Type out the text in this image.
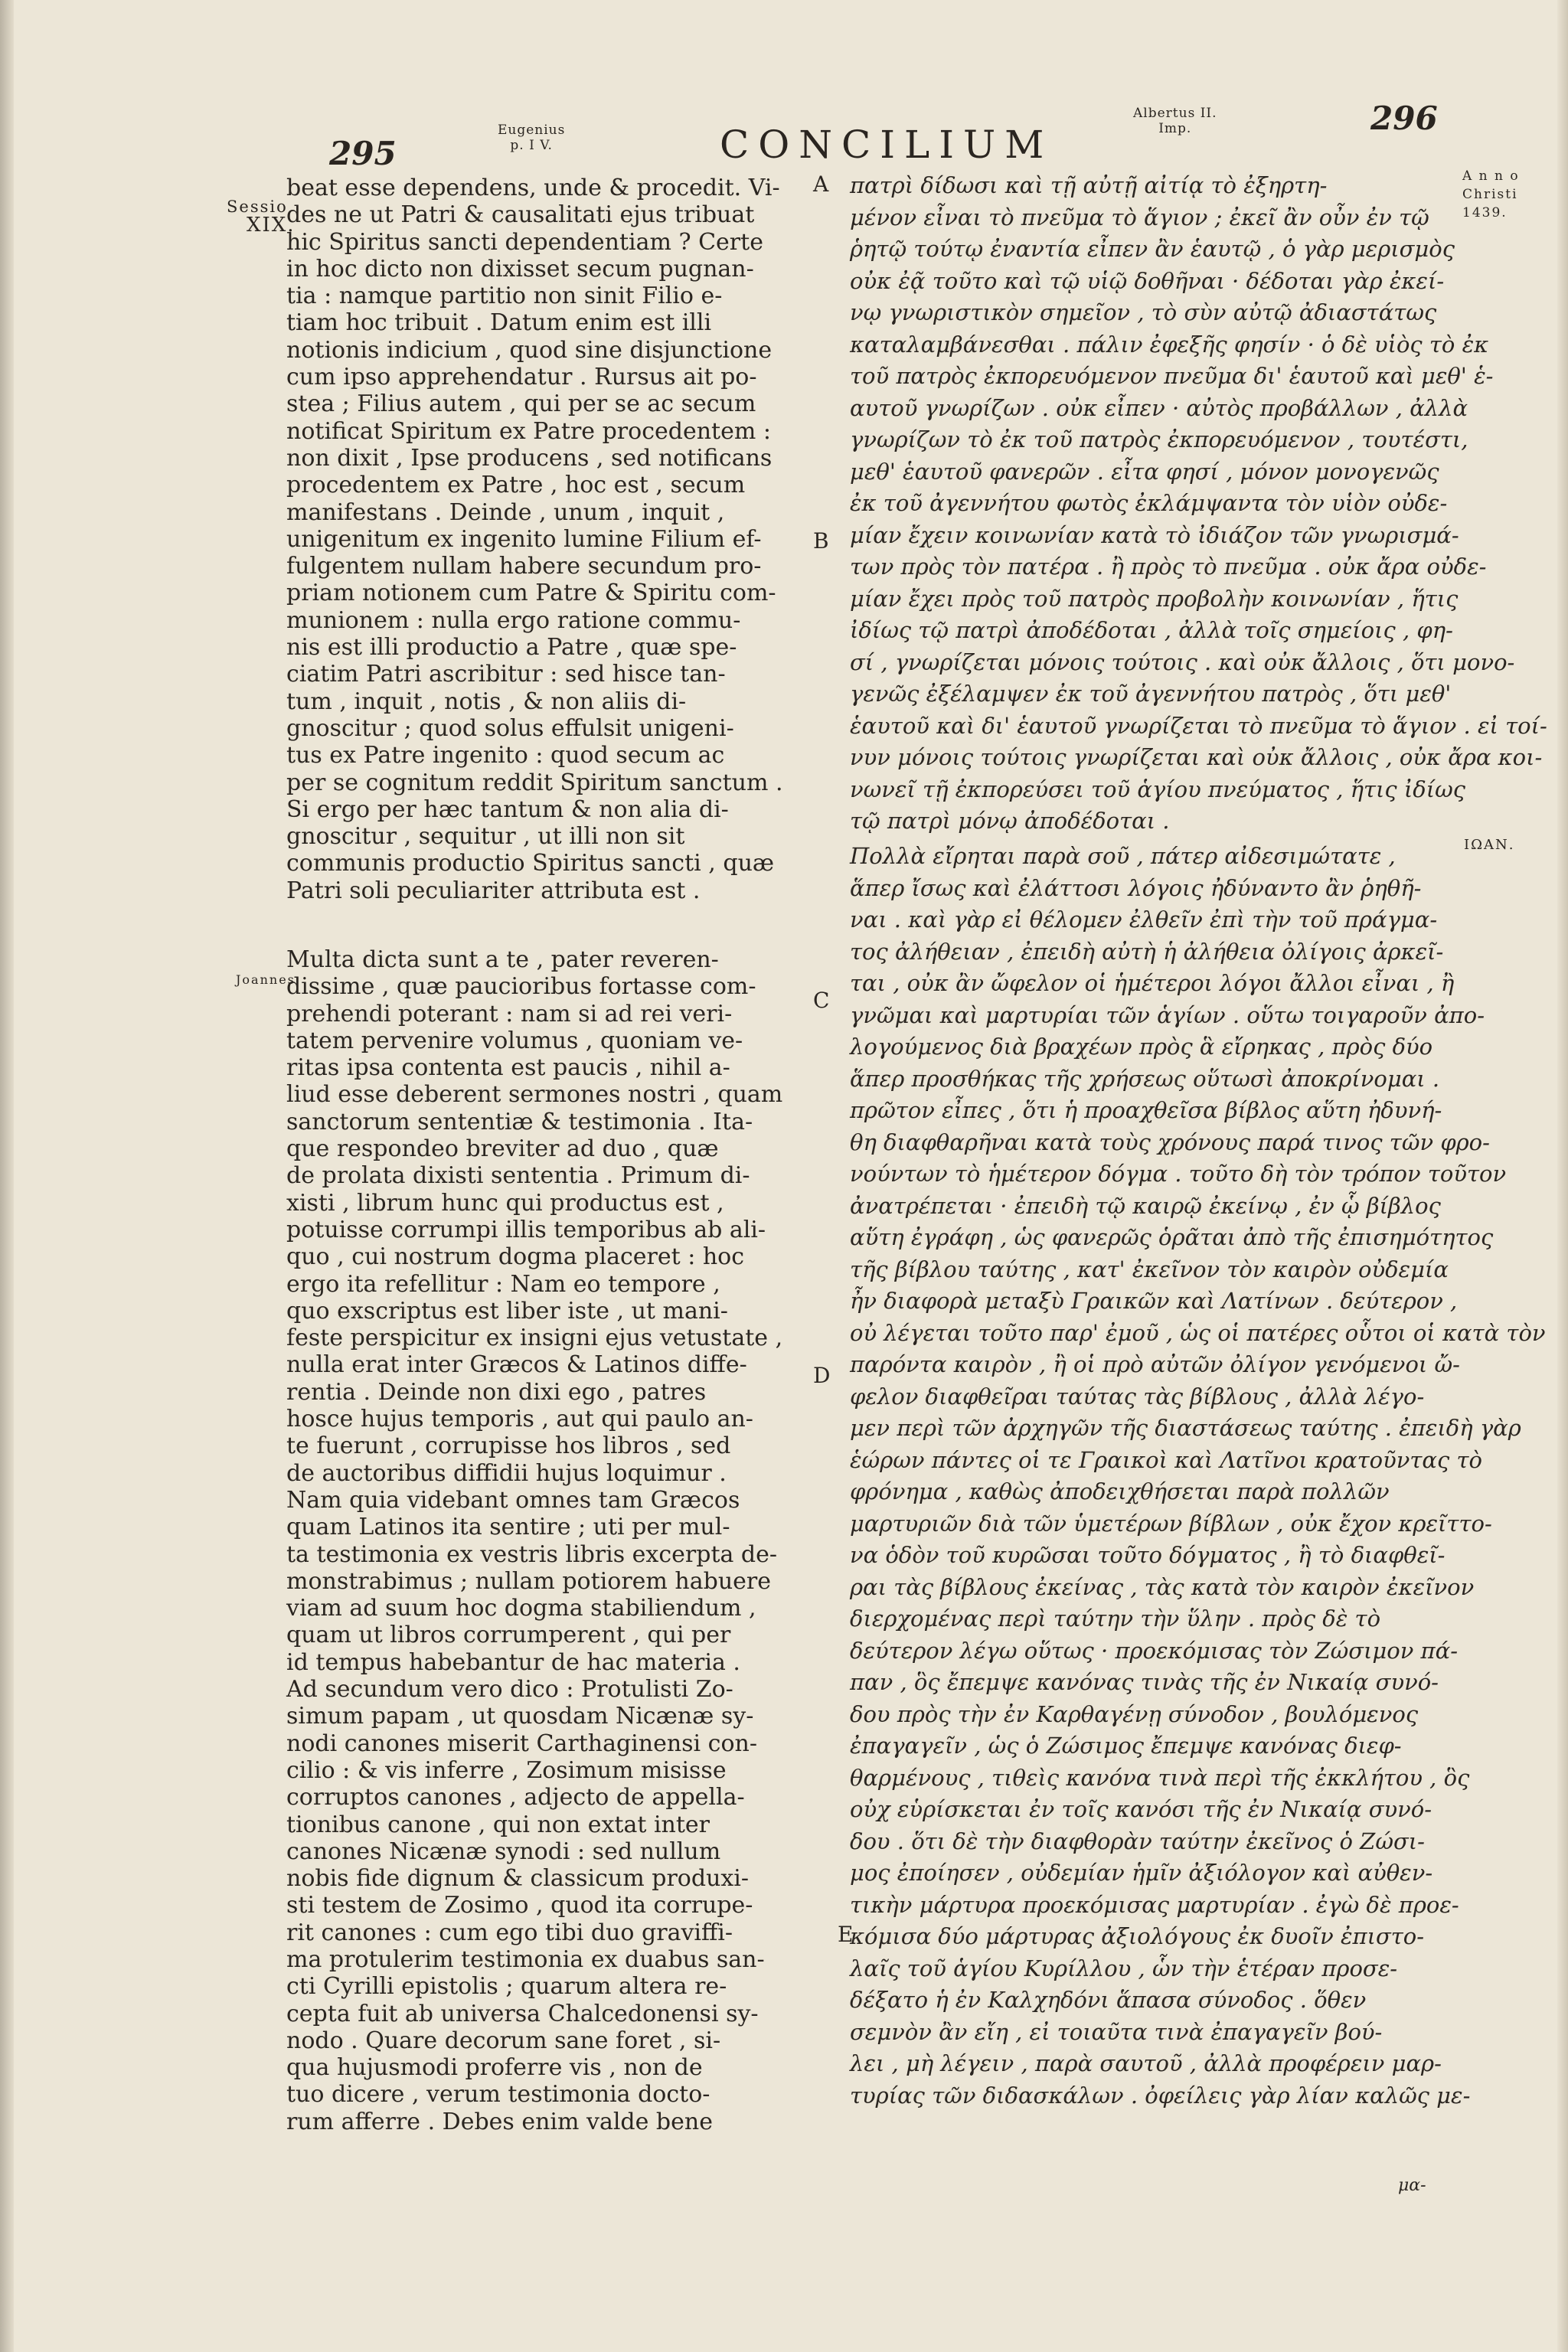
295
Eugenius
p. I V.	CONCILIUM
Albertus II.
Imp.	296
Sessio
XIX.
A n n o
Christi
1439.
Joannes.
ΙΩΑΝ.
A
B
C
D
E
beat esse dependens, unde & procedit. Vi-
des ne ut Patri & causalitati ejus tribuat
hic Spiritus sancti dependentiam ? Certe
in hoc dicto non dixisset secum pugnan-
tia : namque partitio non sinit Filio e-
tiam hoc tribuit . Datum enim est illi
notionis indicium , quod sine disjunctione
cum ipso apprehendatur . Rursus ait po-
stea ; Filius autem , qui per se ac secum
notificat Spiritum ex Patre procedentem :
non dixit , Ipse producens , sed notificans
procedentem ex Patre , hoc est , secum
manifestans . Deinde , unum , inquit ,
unigenitum ex ingenito lumine Filium ef-
fulgentem nullam habere secundum pro-
priam notionem cum Patre & Spiritu com-
munionem : nulla ergo ratione commu-
nis est illi productio a Patre , quæ spe-
ciatim Patri ascribitur : sed hisce tan-
tum , inquit , notis , & non aliis di-
gnoscitur ; quod solus effulsit unigeni-
tus ex Patre ingenito : quod secum ac
per se cognitum reddit Spiritum sanctum .
Si ergo per hæc tantum & non alia di-
gnoscitur , sequitur , ut illi non sit
communis productio Spiritus sancti , quæ
Patri soli peculiariter attributa est .
Multa dicta sunt a te , pater reveren-
dissime , quæ paucioribus fortasse com-
prehendi poterant : nam si ad rei veri-
tatem pervenire volumus , quoniam ve-
ritas ipsa contenta est paucis , nihil a-
liud esse deberent sermones nostri , quam
sanctorum sententiæ & testimonia . Ita-
que respondeo breviter ad duo , quæ
de prolata dixisti sententia . Primum di-
xisti , librum hunc qui productus est ,
potuisse corrumpi illis temporibus ab ali-
quo , cui nostrum dogma placeret : hoc
ergo ita refellitur : Nam eo tempore ,
quo exscriptus est liber iste , ut mani-
feste perspicitur ex insigni ejus vetustate ,
nulla erat inter Græcos & Latinos diffe-
rentia . Deinde non dixi ego , patres
hosce hujus temporis , aut qui paulo an-
te fuerunt , corrupisse hos libros , sed
de auctoribus diffidii hujus loquimur .
Nam quia videbant omnes tam Græcos
quam Latinos ita sentire ; uti per mul-
ta testimonia ex vestris libris excerpta de-
monstrabimus ; nullam potiorem habuere
viam ad suum hoc dogma stabiliendum ,
quam ut libros corrumperent , qui per
id tempus habebantur de hac materia .
Ad secundum vero dico : Protulisti Zo-
simum papam , ut quosdam Nicænæ sy-
nodi canones miserit Carthaginensi con-
cilio : & vis inferre , Zosimum misisse
corruptos canones , adjecto de appella-
tionibus canone , qui non extat inter
canones Nicænæ synodi : sed nullum
nobis fide dignum & classicum produxi-
sti testem de Zosimo , quod ita corrupe-
rit canones : cum ego tibi duo graviffi-
ma protulerim testimonia ex duabus san-
cti Cyrilli epistolis ; quarum altera re-
cepta fuit ab universa Chalcedonensi sy-
nodo . Quare decorum sane foret , si-
qua hujusmodi proferre vis , non de
tuo dicere , verum testimonia docto-
rum afferre . Debes enim valde bene
πατρὶ δίδωσι καὶ τῇ αὐτῇ αἰτίᾳ τὸ ἐξηρτη-
μένον εἶναι τὸ πνεῦμα τὸ ἅγιον ; ἐκεῖ ἂν οὖν ἐν τῷ
ῥητῷ τούτῳ ἐναντία εἶπεν ἂν ἑαυτῷ , ὁ γὰρ μερισμὸς
οὐκ ἐᾷ τοῦτο καὶ τῷ υἱῷ δοθῆναι · δέδοται γὰρ ἐκεί-
νῳ γνωριστικὸν σημεῖον , τὸ σὺν αὐτῷ ἀδιαστάτως
καταλαμβάνεσθαι . πάλιν ἐφεξῆς φησίν · ὁ δὲ υἱὸς τὸ ἐκ
τοῦ πατρὸς ἐκπορευόμενον πνεῦμα δι' ἑαυτοῦ καὶ μεθ' ἑ-
αυτοῦ γνωρίζων . οὐκ εἶπεν · αὐτὸς προβάλλων , ἀλλὰ
γνωρίζων τὸ ἐκ τοῦ πατρὸς ἐκπορευόμενον , τουτέστι,
μεθ' ἑαυτοῦ φανερῶν . εἶτα φησί , μόνον μονογενῶς
ἐκ τοῦ ἀγεννήτου φωτὸς ἐκλάμψαντα τὸν υἱὸν οὐδε-
μίαν ἔχειν κοινωνίαν κατὰ τὸ ἰδιάζον τῶν γνωρισμά-
των πρὸς τὸν πατέρα . ἢ πρὸς τὸ πνεῦμα . οὐκ ἄρα οὐδε-
μίαν ἔχει πρὸς τοῦ πατρὸς προβολὴν κοινωνίαν , ἥτις
ἰδίως τῷ πατρὶ ἀποδέδοται , ἀλλὰ τοῖς σημείοις , φη-
σί , γνωρίζεται μόνοις τούτοις . καὶ οὐκ ἄλλοις , ὅτι μονο-
γενῶς ἐξέλαμψεν ἐκ τοῦ ἀγεννήτου πατρὸς , ὅτι μεθ'
ἑαυτοῦ καὶ δι' ἑαυτοῦ γνωρίζεται τὸ πνεῦμα τὸ ἅγιον . εἰ τοί-
νυν μόνοις τούτοις γνωρίζεται καὶ οὐκ ἄλλοις , οὐκ ἄρα κοι-
νωνεῖ τῇ ἐκπορεύσει τοῦ ἁγίου πνεύματος , ἥτις ἰδίως
τῷ πατρὶ μόνῳ ἀποδέδοται .
Πολλὰ εἴρηται παρὰ σοῦ , πάτερ αἰδεσιμώτατε ,
ἅπερ ἴσως καὶ ἐλάττοσι λόγοις ἠδύναντο ἂν ῥηθῆ-
ναι . καὶ γὰρ εἰ θέλομεν ἐλθεῖν ἐπὶ τὴν τοῦ πράγμα-
τος ἀλήθειαν , ἐπειδὴ αὐτὴ ἡ ἀλήθεια ὀλίγοις ἀρκεῖ-
ται , οὐκ ἂν ὤφελον οἱ ἡμέτεροι λόγοι ἄλλοι εἶναι , ἢ
γνῶμαι καὶ μαρτυρίαι τῶν ἁγίων . οὕτω τοιγαροῦν ἀπο-
λογούμενος διὰ βραχέων πρὸς ἃ εἴρηκας , πρὸς δύο
ἅπερ προσθήκας τῆς χρήσεως οὕτωσὶ ἀποκρίνομαι .
πρῶτον εἶπες , ὅτι ἡ προαχθεῖσα βίβλος αὕτη ἠδυνή-
θη διαφθαρῆναι κατὰ τοὺς χρόνους παρά τινος τῶν φρο-
νούντων τὸ ἡμέτερον δόγμα . τοῦτο δὴ τὸν τρόπον τοῦτον
ἀνατρέπεται · ἐπειδὴ τῷ καιρῷ ἐκείνῳ , ἐν ᾧ βίβλος
αὕτη ἐγράφη , ὡς φανερῶς ὁρᾶται ἀπὸ τῆς ἐπισημότητος
τῆς βίβλου ταύτης , κατ' ἐκεῖνον τὸν καιρὸν οὐδεμία
ἦν διαφορὰ μεταξὺ Γραικῶν καὶ Λατίνων . δεύτερον ,
οὐ λέγεται τοῦτο παρ' ἐμοῦ , ὡς οἱ πατέρες οὗτοι οἱ κατὰ τὸν
παρόντα καιρὸν , ἢ οἱ πρὸ αὐτῶν ὀλίγον γενόμενοι ὤ-
φελον διαφθεῖραι ταύτας τὰς βίβλους , ἀλλὰ λέγο-
μεν περὶ τῶν ἀρχηγῶν τῆς διαστάσεως ταύτης . ἐπειδὴ γὰρ
ἑώρων πάντες οἱ τε Γραικοὶ καὶ Λατῖνοι κρατοῦντας τὸ
φρόνημα , καθὼς ἀποδειχθήσεται παρὰ πολλῶν
μαρτυριῶν διὰ τῶν ὑμετέρων βίβλων , οὐκ ἔχον κρεῖττο-
να ὁδὸν τοῦ κυρῶσαι τοῦτο δόγματος , ἢ τὸ διαφθεῖ-
ραι τὰς βίβλους ἐκείνας , τὰς κατὰ τὸν καιρὸν ἐκεῖνον
διερχομένας περὶ ταύτην τὴν ὕλην . πρὸς δὲ τὸ
δεύτερον λέγω οὕτως · προεκόμισας τὸν Ζώσιμον πά-
παν , ὃς ἔπεμψε κανόνας τινὰς τῆς ἐν Νικαίᾳ συνό-
δου πρὸς τὴν ἐν Καρθαγένῃ σύνοδον , βουλόμενος
ἐπαγαγεῖν , ὡς ὁ Ζώσιμος ἔπεμψε κανόνας διεφ-
θαρμένους , τιθεὶς κανόνα τινὰ περὶ τῆς ἐκκλήτου , ὃς
οὐχ εὑρίσκεται ἐν τοῖς κανόσι τῆς ἐν Νικαίᾳ συνό-
δου . ὅτι δὲ τὴν διαφθορὰν ταύτην ἐκεῖνος ὁ Ζώσι-
μος ἐποίησεν , οὐδεμίαν ἡμῖν ἀξιόλογον καὶ αὐθεν-
τικὴν μάρτυρα προεκόμισας μαρτυρίαν . ἐγὼ δὲ προε-
κόμισα δύο μάρτυρας ἀξιολόγους ἐκ δυοῖν ἐπιστο-
λαῖς τοῦ ἁγίου Κυρίλλου , ὧν τὴν ἑτέραν προσε-
δέξατο ἡ ἐν Καλχηδόνι ἅπασα σύνοδος . ὅθεν
σεμνὸν ἂν εἴη , εἰ τοιαῦτα τινὰ ἐπαγαγεῖν βού-
λει , μὴ λέγειν , παρὰ σαυτοῦ , ἀλλὰ προφέρειν μαρ-
τυρίας τῶν διδασκάλων . ὀφείλεις γὰρ λίαν καλῶς με-
μα-
